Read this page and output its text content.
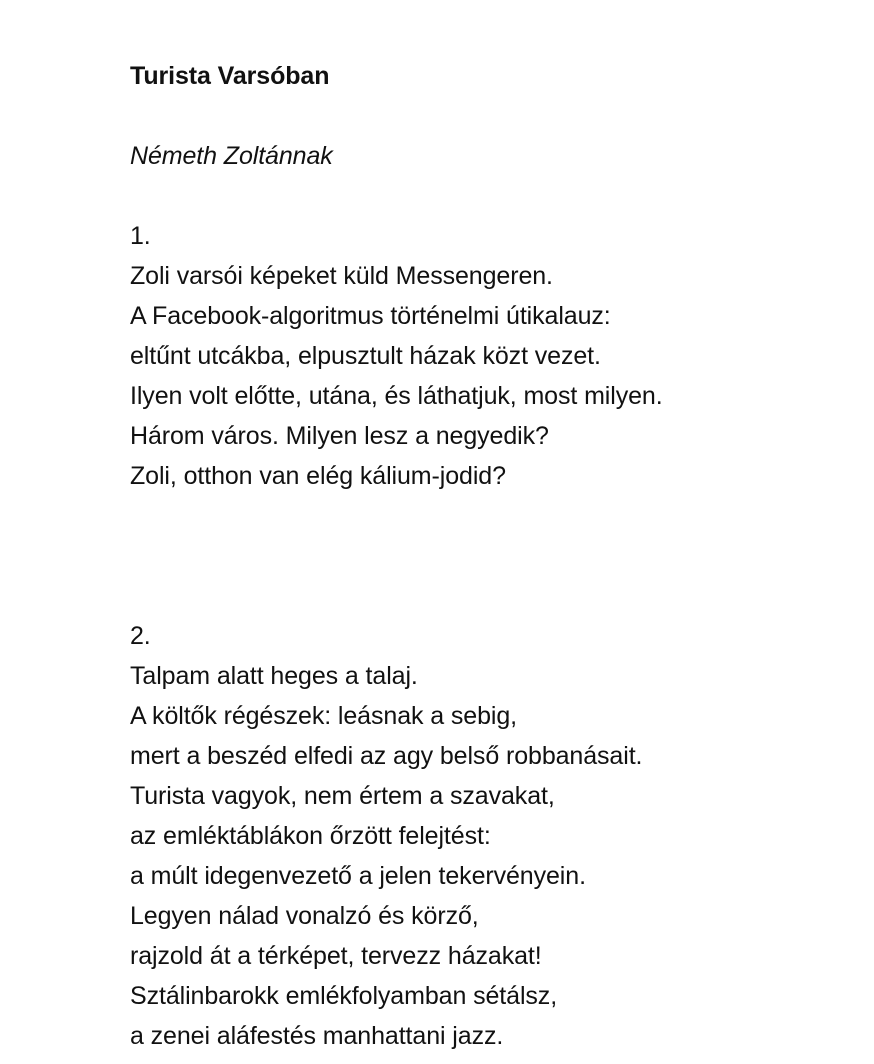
Turista Varsóban
Németh Zoltánnak
1.
Zoli varsói képeket küld Messengeren.
A Facebook-algoritmus történelmi útikalauz:
eltűnt utcákba, elpusztult házak közt vezet.
Ilyen volt előtte, utána, és láthatjuk, most milyen.
Három város. Milyen lesz a negyedik?
Zoli, otthon van elég kálium-jodid?
2.
Talpam alatt heges a talaj.
A költők régészek: leásnak a sebig,
mert a beszéd elfedi az agy belső robbanásait.
Turista vagyok, nem értem a szavakat,
az emléktáblákon őrzött felejtést:
a múlt idegenvezető a jelen tekervényein.
Legyen nálad vonalzó és körző,
rajzold át a térképet, tervezz házakat!
Sztálinbarokk emlékfolyamban sétálsz,
a zenei aláfestés manhattani jazz.
